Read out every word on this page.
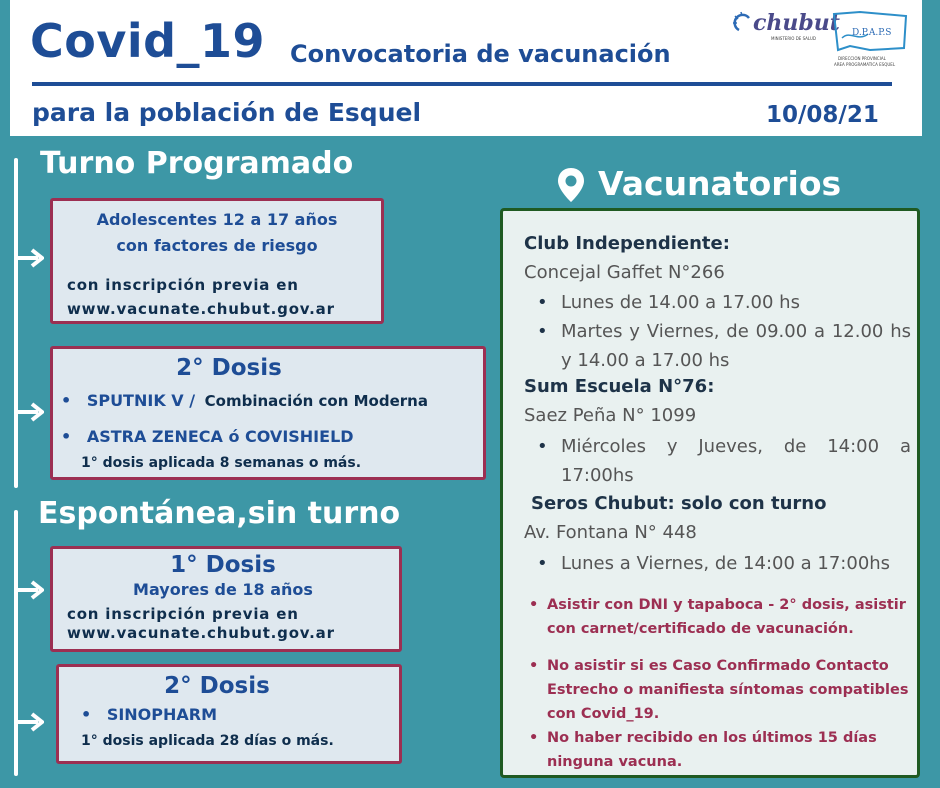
Covid_19 Convocatoria de vacunación
para la población de Esquel	10/08/21
chubut
MINISTERIO DE SALUD
D.P.A.P.S
DIRECCION PROVINCIAL
AREA PROGRAMATICA ESQUEL
Turno Programado
Adolescentes 12 a 17 años
con factores de riesgo
con inscripción previa en
www.vacunate.chubut.gov.ar
2° Dosis
• SPUTNIK V / Combinación con Moderna
• ASTRA ZENECA ó COVISHIELD
1° dosis aplicada 8 semanas o más.
Espontánea,sin turno
1° Dosis
Mayores de 18 años
con inscripción previa en
www.vacunate.chubut.gov.ar
2° Dosis
• SINOPHARM
1° dosis aplicada 28 días o más.
Vacunatorios
Club Independiente:
Concejal Gaffet N°266
• Lunes de 14.00 a 17.00 hs
• Martes y Viernes, de 09.00 a 12.00 hs y 14.00 a 17.00 hs
Sum Escuela N°76:
Saez Peña N° 1099
• Miércoles y Jueves, de 14:00 a 17:00hs
Seros Chubut: solo con turno
Av. Fontana N° 448
• Lunes a Viernes, de 14:00 a 17:00hs
• Asistir con DNI y tapaboca - 2° dosis, asistir con carnet/certificado de vacunación.
• No asistir si es Caso Confirmado Contacto Estrecho o manifiesta síntomas compatibles con Covid_19.
• No haber recibido en los últimos 15 días ninguna vacuna.
